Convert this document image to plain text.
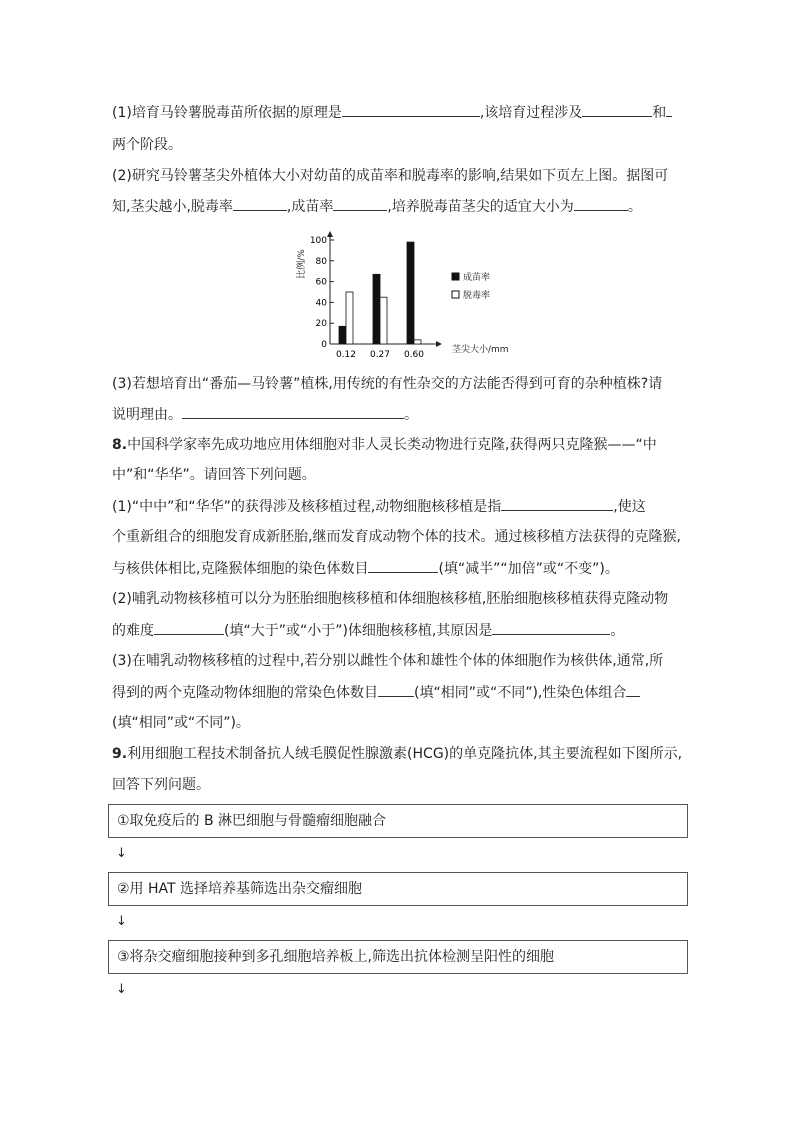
(1)培育马铃薯脱毒苗所依据的原理是	,该培育过程涉及	和
两个阶段。
(2)研究马铃薯茎尖外植体大小对幼苗的成苗率和脱毒率的影响,结果如下页左上图。据图可
知,茎尖越小,脱毒率	,成苗率	,培养脱毒苗茎尖的适宜大小为	。
比例/%
茎尖大小/mm
成苗率
脱毒率
0
20
40
60
80
100
0.12 0.27 0.60
(3)若想培育出“番茄—马铃薯”植株,用传统的有性杂交的方法能否得到可育的杂种植株?请
说明理由。	。
8.中国科学家率先成功地应用体细胞对非人灵长类动物进行克隆,获得两只克隆猴——“中
中”和“华华”。请回答下列问题。
(1)“中中”和“华华”的获得涉及核移植过程,动物细胞核移植是指	,使这
个重新组合的细胞发育成新胚胎,继而发育成动物个体的技术。通过核移植方法获得的克隆猴,
与核供体相比,克隆猴体细胞的染色体数目	(填“减半”“加倍”或“不变”)。
(2)哺乳动物核移植可以分为胚胎细胞核移植和体细胞核移植,胚胎细胞核移植获得克隆动物
的难度	(填“大于”或“小于”)体细胞核移植,其原因是	。
(3)在哺乳动物核移植的过程中,若分别以雌性个体和雄性个体的体细胞作为核供体,通常,所
得到的两个克隆动物体细胞的常染色体数目	(填“相同”或“不同”),性染色体组合
(填“相同”或“不同”)。
9.利用细胞工程技术制备抗人绒毛膜促性腺激素(HCG)的单克隆抗体,其主要流程如下图所示,
回答下列问题。
①取免疫后的 B 淋巴细胞与骨髓瘤细胞融合
↓
②用 HAT 选择培养基筛选出杂交瘤细胞
↓
③将杂交瘤细胞接种到多孔细胞培养板上,筛选出抗体检测呈阳性的细胞
↓
